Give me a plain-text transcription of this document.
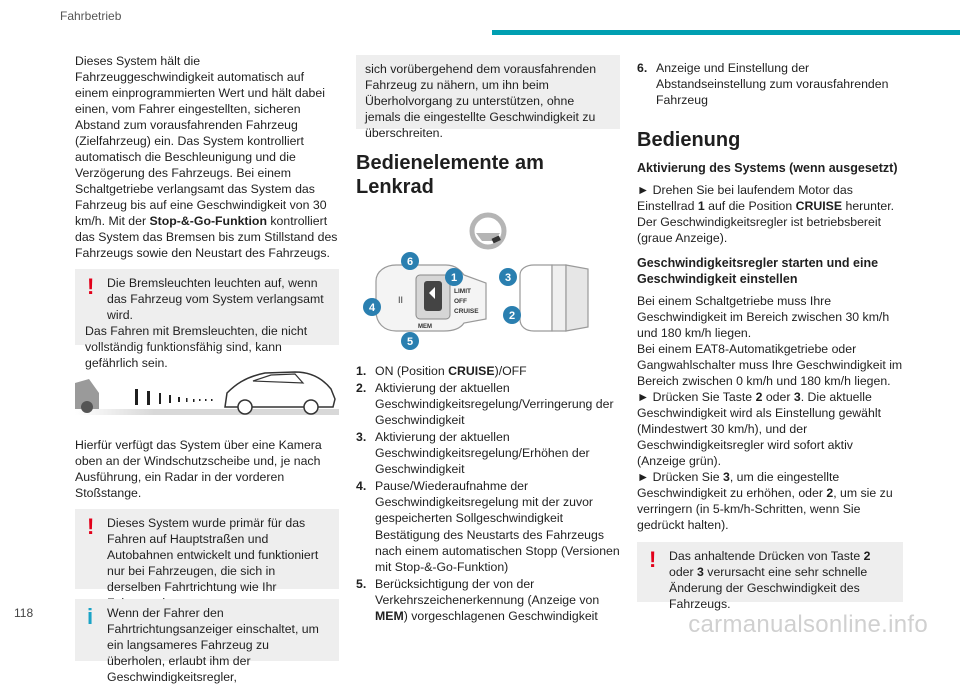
Fahrbetrieb

Dieses System hält die Fahrzeuggeschwindigkeit automatisch auf einem einprogrammierten Wert und hält dabei einen, vom Fahrer eingestellten, sicheren Abstand zum vorausfahrenden Fahrzeug (Zielfahrzeug) ein. Das System kontrolliert automatisch die Beschleunigung und die Verzögerung des Fahrzeugs. Bei einem Schaltgetriebe verlangsamt das System das Fahrzeug bis auf eine Geschwindigkeit von 30 km/h. Mit der Stop-&-Go-Funktion kontrolliert das System das Bremsen bis zum Stillstand des Fahrzeugs sowie den Neustart des Fahrzeugs.

!	Die Bremsleuchten leuchten auf, wenn das Fahrzeug vom System verlangsamt wird.

Das Fahren mit Bremsleuchten, die nicht vollständig funktionsfähig sind, kann gefährlich sein.

Hierfür verfügt das System über eine Kamera oben an der Windschutzscheibe und, je nach Ausführung, ein Radar in der vorderen Stoßstange.

!	Dieses System wurde primär für das Fahren auf Hauptstraßen und Autobahnen entwickelt und funktioniert nur bei Fahrzeugen, die sich in derselben Fahrtrichtung wie Ihr

i	Wenn der Fahrer den Fahrtrichtungsanzeiger einschaltet, um ein langsameres Fahrzeug zu überholen, erlaubt ihm der Geschwindigkeitsregler,

sich vorübergehend dem vorausfahrenden Fahrzeug zu nähern, um ihn beim Überholvorgang zu unterstützen, ohne jemals die eingestellte Geschwindigkeit zu überschreiten.

Bedienelemente am Lenkrad
II
LIMIT
OFF
CRUISE
MEM
6
1
4
5
3
2
1. ON (Position CRUISE)/OFF
2. Aktivierung der aktuellen Geschwindigkeitsregelung/Verringerung der Geschwindigkeit
3. Aktivierung der aktuellen Geschwindigkeitsregelung/Erhöhen der Geschwindigkeit
4. Pause/Wiederaufnahme der Geschwindigkeitsregelung mit der zuvor gespeicherten Sollgeschwindigkeit
Bestätigung des Neustarts des Fahrzeugs nach einem automatischen Stopp (Versionen mit Stop-&-Go-Funktion)
5. Berücksichtigung der von der Verkehrszeichenerkennung (Anzeige von MEM) vorgeschlagenen Geschwindigkeit
6. Anzeige und Einstellung der Abstandseinstellung zum vorausfahrenden Fahrzeug
Bedienung
Aktivierung des Systems (wenn ausgesetzt)

► Drehen Sie bei laufendem Motor das Einstellrad 1 auf die Position CRUISE herunter. Der Geschwindigkeitsregler ist betriebsbereit (graue Anzeige).

Geschwindigkeitsregler starten und eine Geschwindigkeit einstellen

Bei einem Schaltgetriebe muss Ihre Geschwindigkeit im Bereich zwischen 30 km/h und 180 km/h liegen.

Bei einem EAT8-Automatikgetriebe oder Gangwahlschalter muss Ihre Geschwindigkeit im Bereich zwischen 0 km/h und 180 km/h liegen.

► Drücken Sie Taste 2 oder 3. Die aktuelle Geschwindigkeit wird als Einstellung gewählt (Mindestwert 30 km/h), und der Geschwindigkeitsregler wird sofort aktiv (Anzeige grün).

► Drücken Sie 3, um die eingestellte Geschwindigkeit zu erhöhen, oder 2, um sie zu verringern (in 5-km/h-Schritten, wenn Sie gedrückt halten).

!	Das anhaltende Drücken von Taste 2 oder 3 verursacht eine sehr schnelle Änderung der Geschwindigkeit des Fahrzeugs.

118	carmanualsonline.info
